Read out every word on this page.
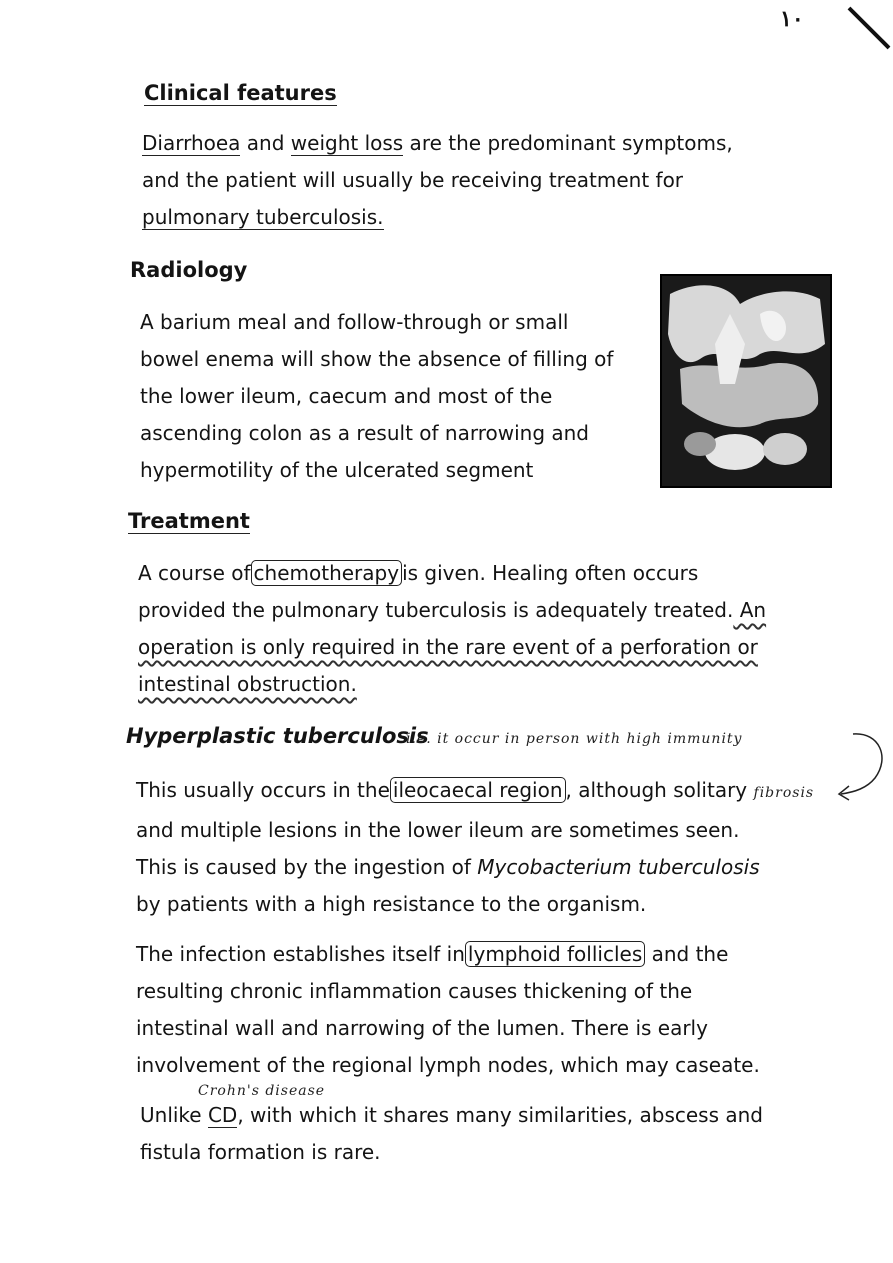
١٠
Clinical features
Diarrhoea and weight loss are the predominant symptoms,
and the patient will usually be receiving treatment for
pulmonary tuberculosis.
Radiology
A barium meal and follow-through or small
bowel enema will show the absence of filling of
the lower ileum, caecum and most of the
ascending colon as a result of narrowing and
hypermotility of the ulcerated segment
Treatment
A course of chemotherapy is given. Healing often occurs
provided the pulmonary tuberculosis is adequately treated. An
operation is only required in the rare event of a perforation or
intestinal obstruction.
Hyperplastic tuberculosis
i.e. it occur in person with high immunity
This usually occurs in the ileocaecal region , although solitary fibrosis
and multiple lesions in the lower ileum are sometimes seen.
This is caused by the ingestion of Mycobacterium tuberculosis
by patients with a high resistance to the organism.
The infection establishes itself in lymphoid follicles and the
resulting chronic inflammation causes thickening of the
intestinal wall and narrowing of the lumen. There is early
involvement of the regional lymph nodes, which may caseate.
Crohn's disease
Unlike CD, with which it shares many similarities, abscess and
fistula formation is rare.
